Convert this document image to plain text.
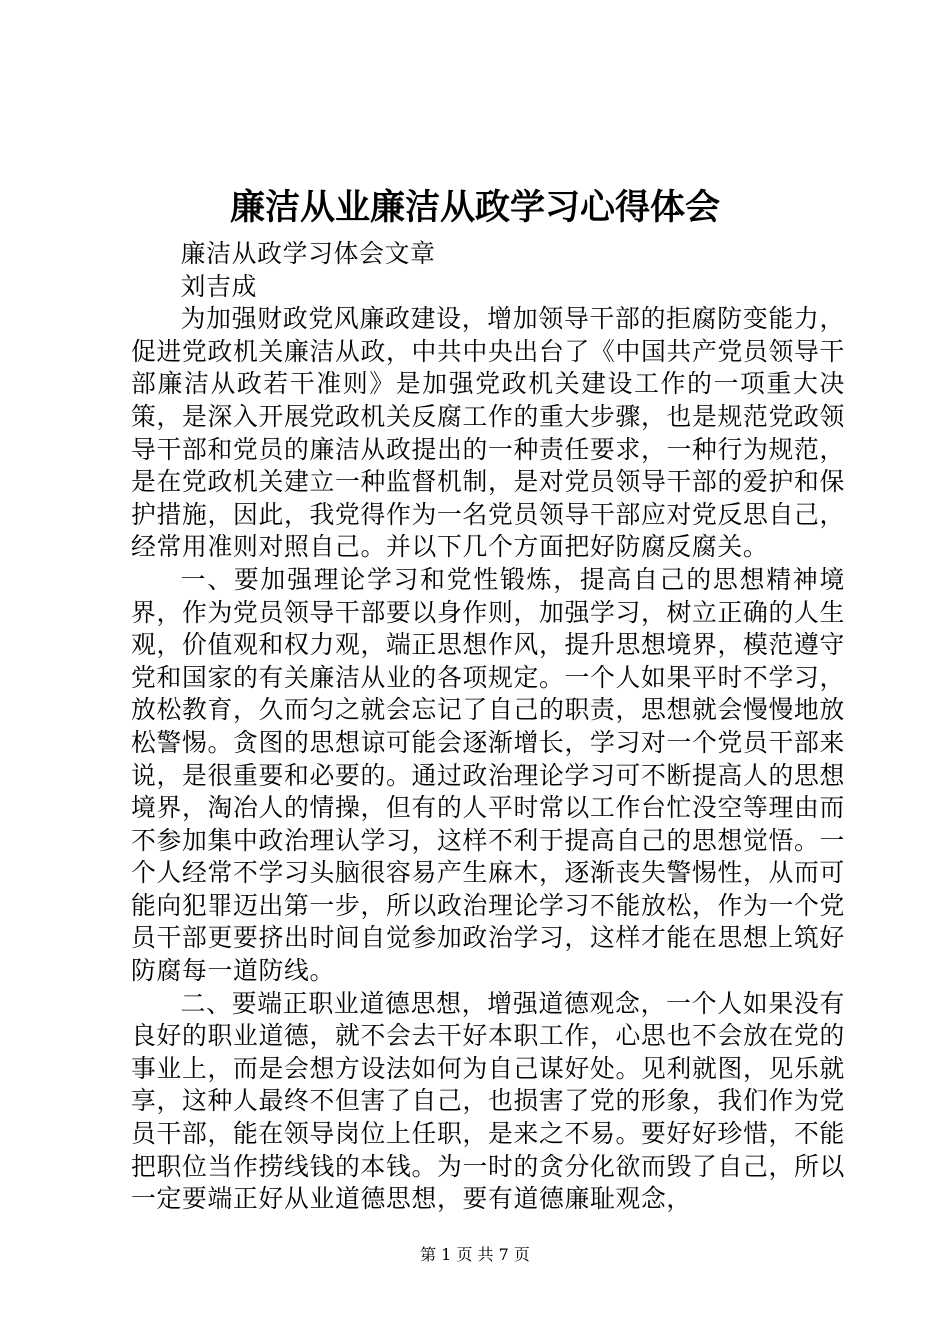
廉洁从业廉洁从政学习心得体会

廉洁从政学习体会文章

刘吉成

为加强财政党风廉政建设，增加领导干部的拒腐防变能力，促进党政机关廉洁从政，中共中央出台了《中国共产党员领导干部廉洁从政若干准则》是加强党政机关建设工作的一项重大决策，是深入开展党政机关反腐工作的重大步骤，也是规范党政领导干部和党员的廉洁从政提出的一种责任要求，一种行为规范，是在党政机关建立一种监督机制，是对党员领导干部的爱护和保护措施，因此，我党得作为一名党员领导干部应对党反思自己，经常用准则对照自己。并以下几个方面把好防腐反腐关。

一、要加强理论学习和党性锻炼，提高自己的思想精神境界，作为党员领导干部要以身作则，加强学习，树立正确的人生观，价值观和权力观，端正思想作风，提升思想境界，模范遵守党和国家的有关廉洁从业的各项规定。一个人如果平时不学习，放松教育，久而匀之就会忘记了自己的职责，思想就会慢慢地放松警惕。贪图的思想谅可能会逐渐增长，学习对一个党员干部来说，是很重要和必要的。通过政治理论学习可不断提高人的思想境界，淘冶人的情操，但有的人平时常以工作台忙没空等理由而不参加集中政治理认学习，这样不利于提高自己的思想觉悟。一个人经常不学习头脑很容易产生麻木，逐渐丧失警惕性，从而可能向犯罪迈出第一步，所以政治理论学习不能放松，作为一个党员干部更要挤出时间自觉参加政治学习，这样才能在思想上筑好防腐每一道防线。

二、要端正职业道德思想，增强道德观念，一个人如果没有良好的职业道德，就不会去干好本职工作，心思也不会放在党的事业上，而是会想方设法如何为自己谋好处。见利就图，见乐就享，这种人最终不但害了自己，也损害了党的形象，我们作为党员干部，能在领导岗位上任职，是来之不易。要好好珍惜，不能把职位当作捞线钱的本钱。为一时的贪分化欲而毁了自己，所以一定要端正好从业道德思想，要有道德廉耻观念，

第 1 页 共 7 页
